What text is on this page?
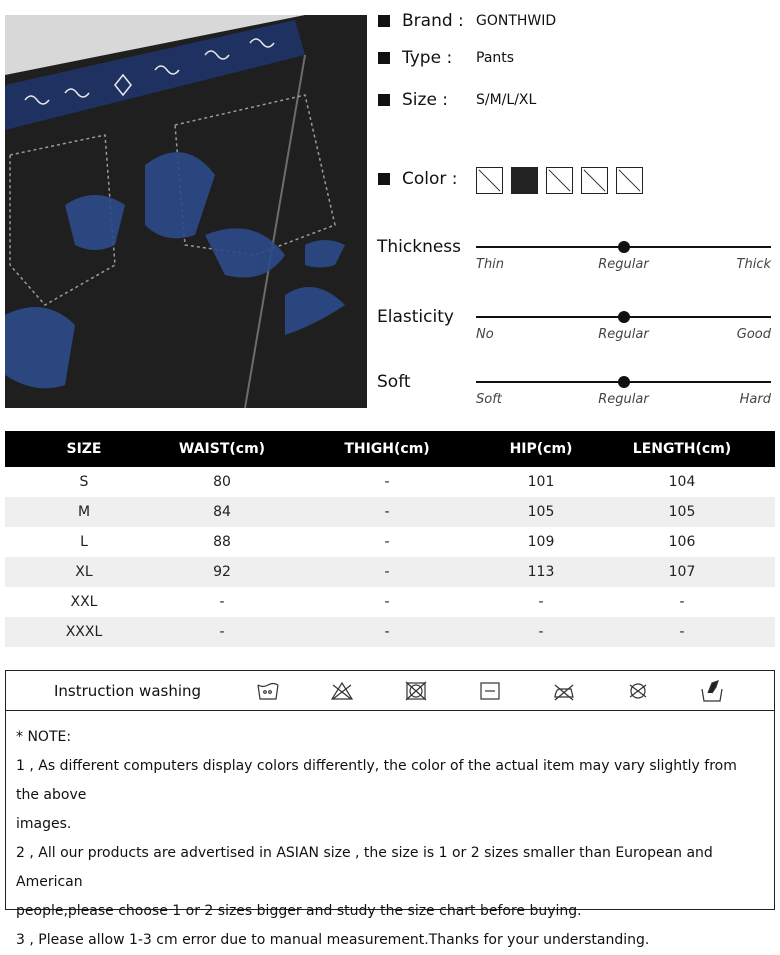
Brand : GONTHWID
Type :	Pants
Size :	S/M/L/XL
Color :
Thickness
Thin	Regular	Thick
Elasticity
No	Regular	Good
Soft
Soft	Regular	Hard
SIZE	WAIST(cm)	THIGH(cm)	HIP(cm)	LENGTH(cm)
S	80	-	101	104
M	84	-	105	105
L	88	-	109	106
XL	92	-	113	107
XXL	-	-	-	-
XXXL	-	-	-	-
Instruction washing
* NOTE:
1 , As different computers display colors differently, the color of the actual item may vary slightly from the above
images.
2 , All our products are advertised in ASIAN size , the size is 1 or 2 sizes smaller than European and American
people,please choose 1 or 2 sizes bigger and study the size chart before buying.
3 , Please allow 1-3 cm error due to manual measurement.Thanks for your understanding.
